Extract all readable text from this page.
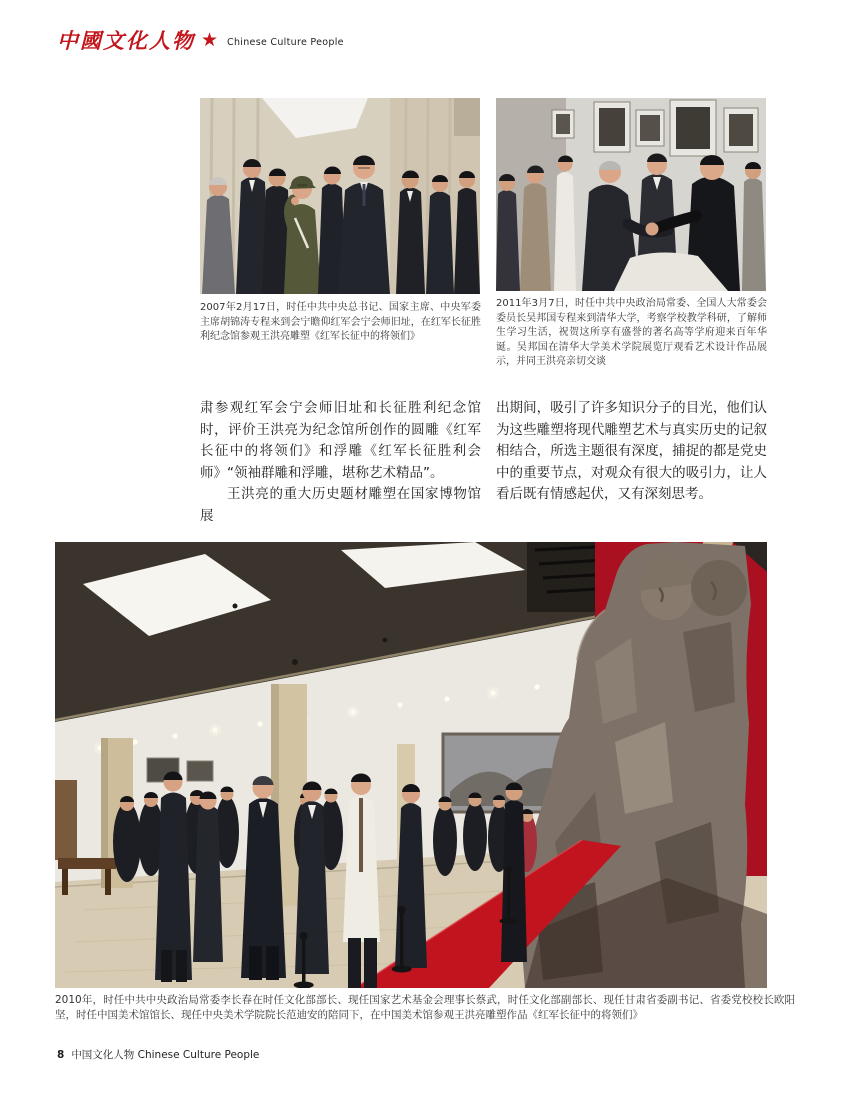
中國文化人物 ★ Chinese Culture People
2007年2月17日，时任中共中央总书记、国家主席、中央军委主席胡锦涛专程来到会宁瞻仰红军会宁会师旧址，在红军长征胜利纪念馆参观王洪亮雕塑《红军长征中的将领们》
2011年3月7日，时任中共中央政治局常委、全国人大常委会委员长吴邦国专程来到清华大学，考察学校教学科研，了解师生学习生活，祝贺这所享有盛誉的著名高等学府迎来百年华诞。吴邦国在清华大学美术学院展览厅观看艺术设计作品展示，并同王洪亮亲切交谈

肃参观红军会宁会师旧址和长征胜利纪念馆时，评价王洪亮为纪念馆所创作的圆雕《红军长征中的将领们》和浮雕《红军长征胜利会师》“领袖群雕和浮雕，堪称艺术精品”。

王洪亮的重大历史题材雕塑在国家博物馆展

出期间，吸引了许多知识分子的目光，他们认为这些雕塑将现代雕塑艺术与真实历史的记叙相结合，所选主题很有深度，捕捉的都是党史中的重要节点，对观众有很大的吸引力，让人看后既有情感起伏，又有深刻思考。

2010年，时任中共中央政治局常委李长春在时任文化部部长、现任国家艺术基金会理事长蔡武，时任文化部副部长、现任甘肃省委副书记、省委党校校长欧阳坚，时任中国美术馆馆长、现任中央美术学院院长范迪安的陪同下，在中国美术馆参观王洪亮雕塑作品《红军长征中的将领们》
8 中国文化人物 Chinese Culture People
